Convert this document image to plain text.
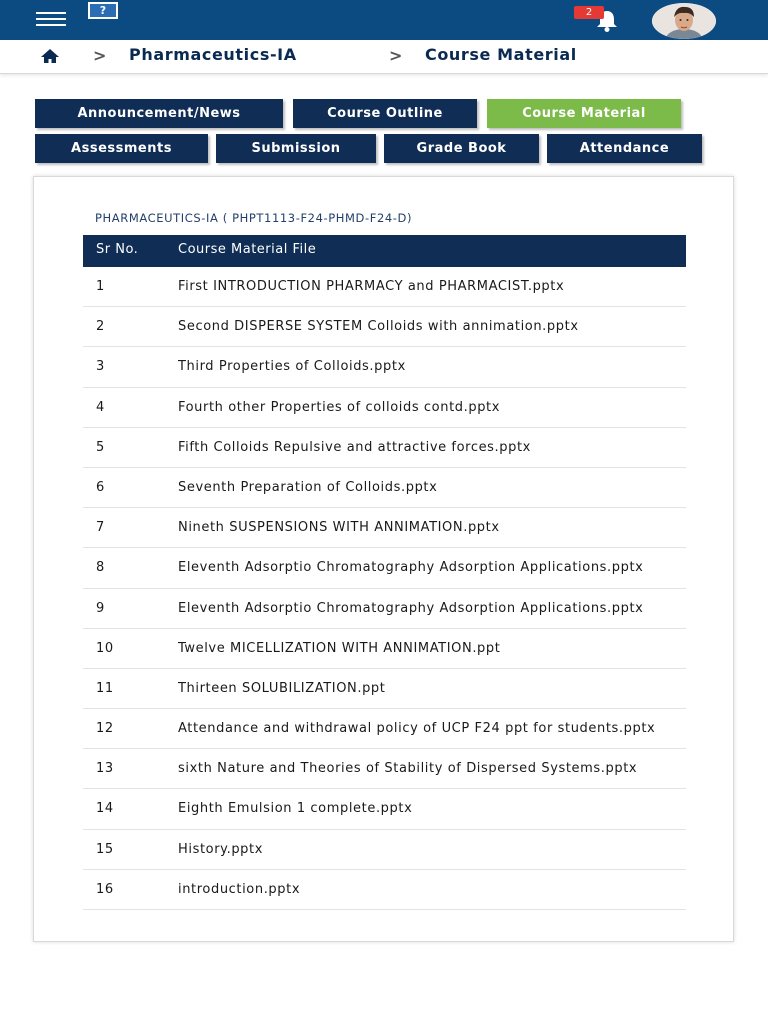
?	2
> Pharmaceutics-IA	> Course Material
Announcement/News	Course Outline	Course Material
Assessments	Submission	Grade Book	Attendance
PHARMACEUTICS-IA ( PHPT1113-F24-PHMD-F24-D)
Sr No.	Course Material File
1	First INTRODUCTION PHARMACY and PHARMACIST.pptx
2	Second DISPERSE SYSTEM Colloids with annimation.pptx
3	Third Properties of Colloids.pptx
4	Fourth other Properties of colloids contd.pptx
5	Fifth Colloids Repulsive and attractive forces.pptx
6	Seventh Preparation of Colloids.pptx
7	Nineth SUSPENSIONS WITH ANNIMATION.pptx
8	Eleventh Adsorptio Chromatography Adsorption Applications.pptx
9	Eleventh Adsorptio Chromatography Adsorption Applications.pptx
10	Twelve MICELLIZATION WITH ANNIMATION.ppt
11	Thirteen SOLUBILIZATION.ppt
12	Attendance and withdrawal policy of UCP F24 ppt for students.pptx
13	sixth Nature and Theories of Stability of Dispersed Systems.pptx
14	Eighth Emulsion 1 complete.pptx
15	History.pptx
16	introduction.pptx
